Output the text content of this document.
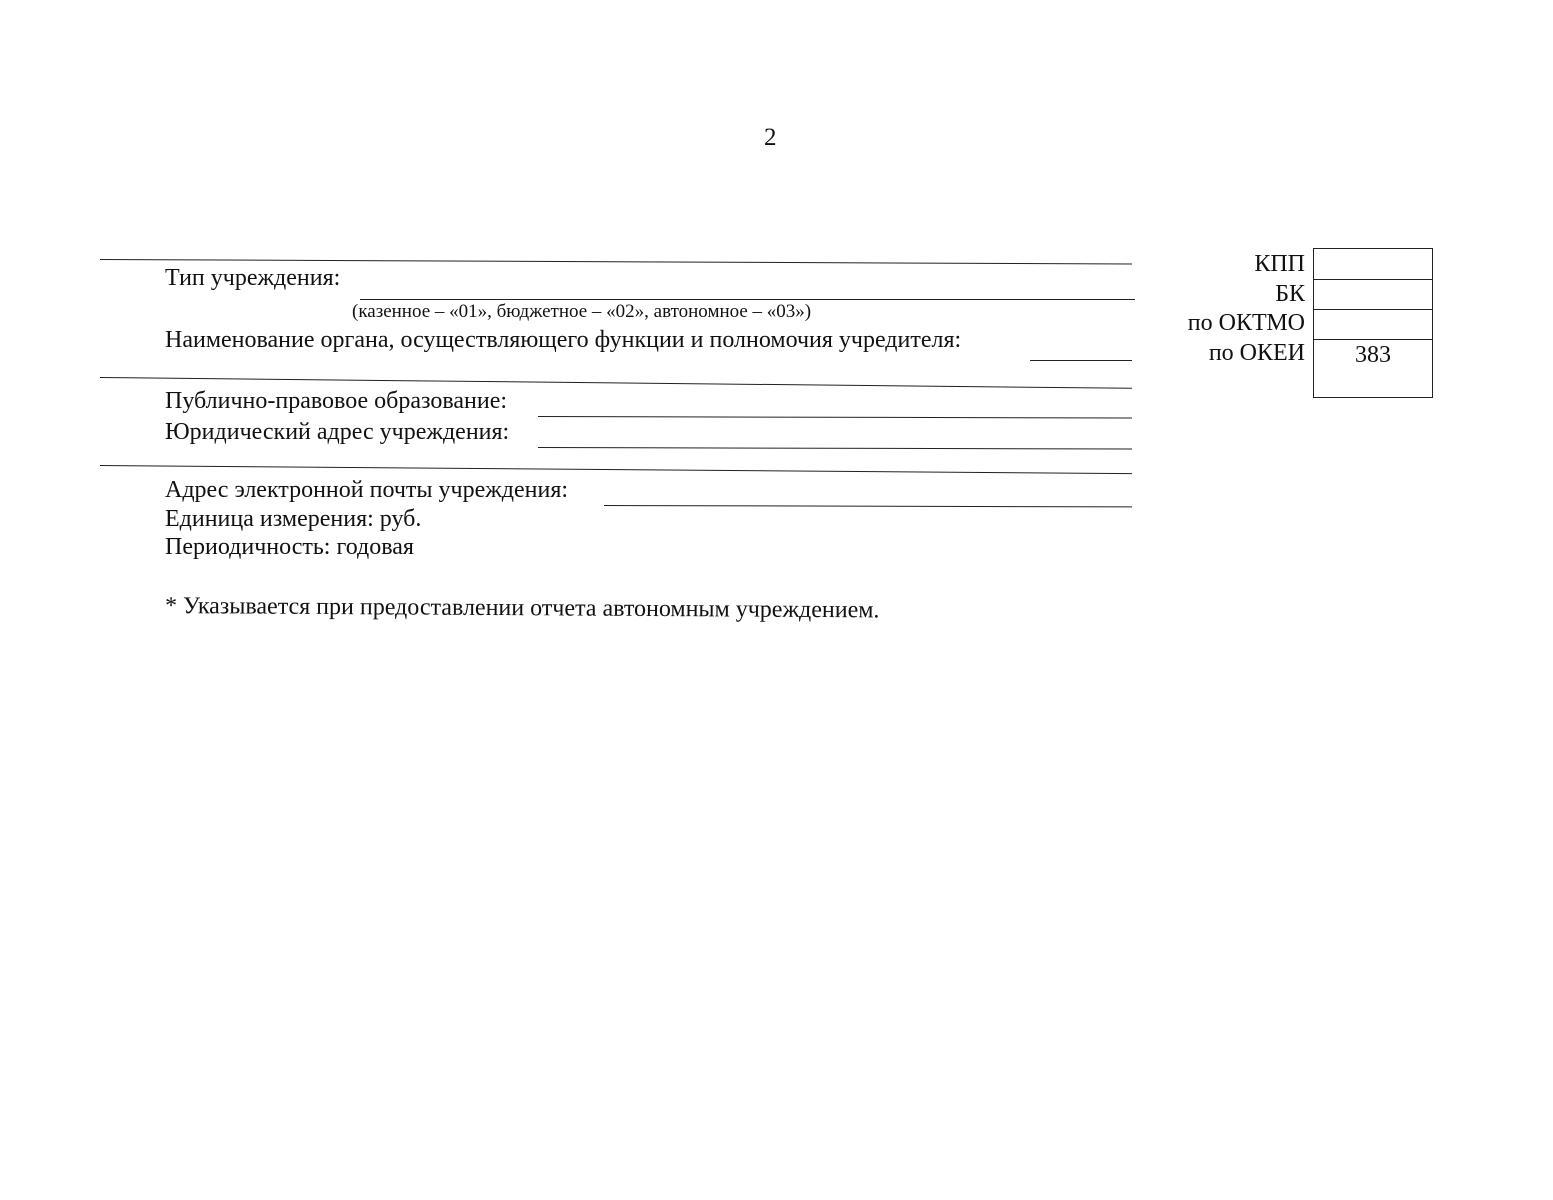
2
Тип учреждения:
(казенное – «01», бюджетное – «02», автономное – «03»)
Наименование органа, осуществляющего функции и полномочия учредителя:
Публично-правовое образование:
Юридический адрес учреждения:
Адрес электронной почты учреждения:
Единица измерения: руб.
Периодичность: годовая
* Указывается при предоставлении отчета автономным учреждением.
КПП
БК
по ОКТМО
по ОКЕИ	383
